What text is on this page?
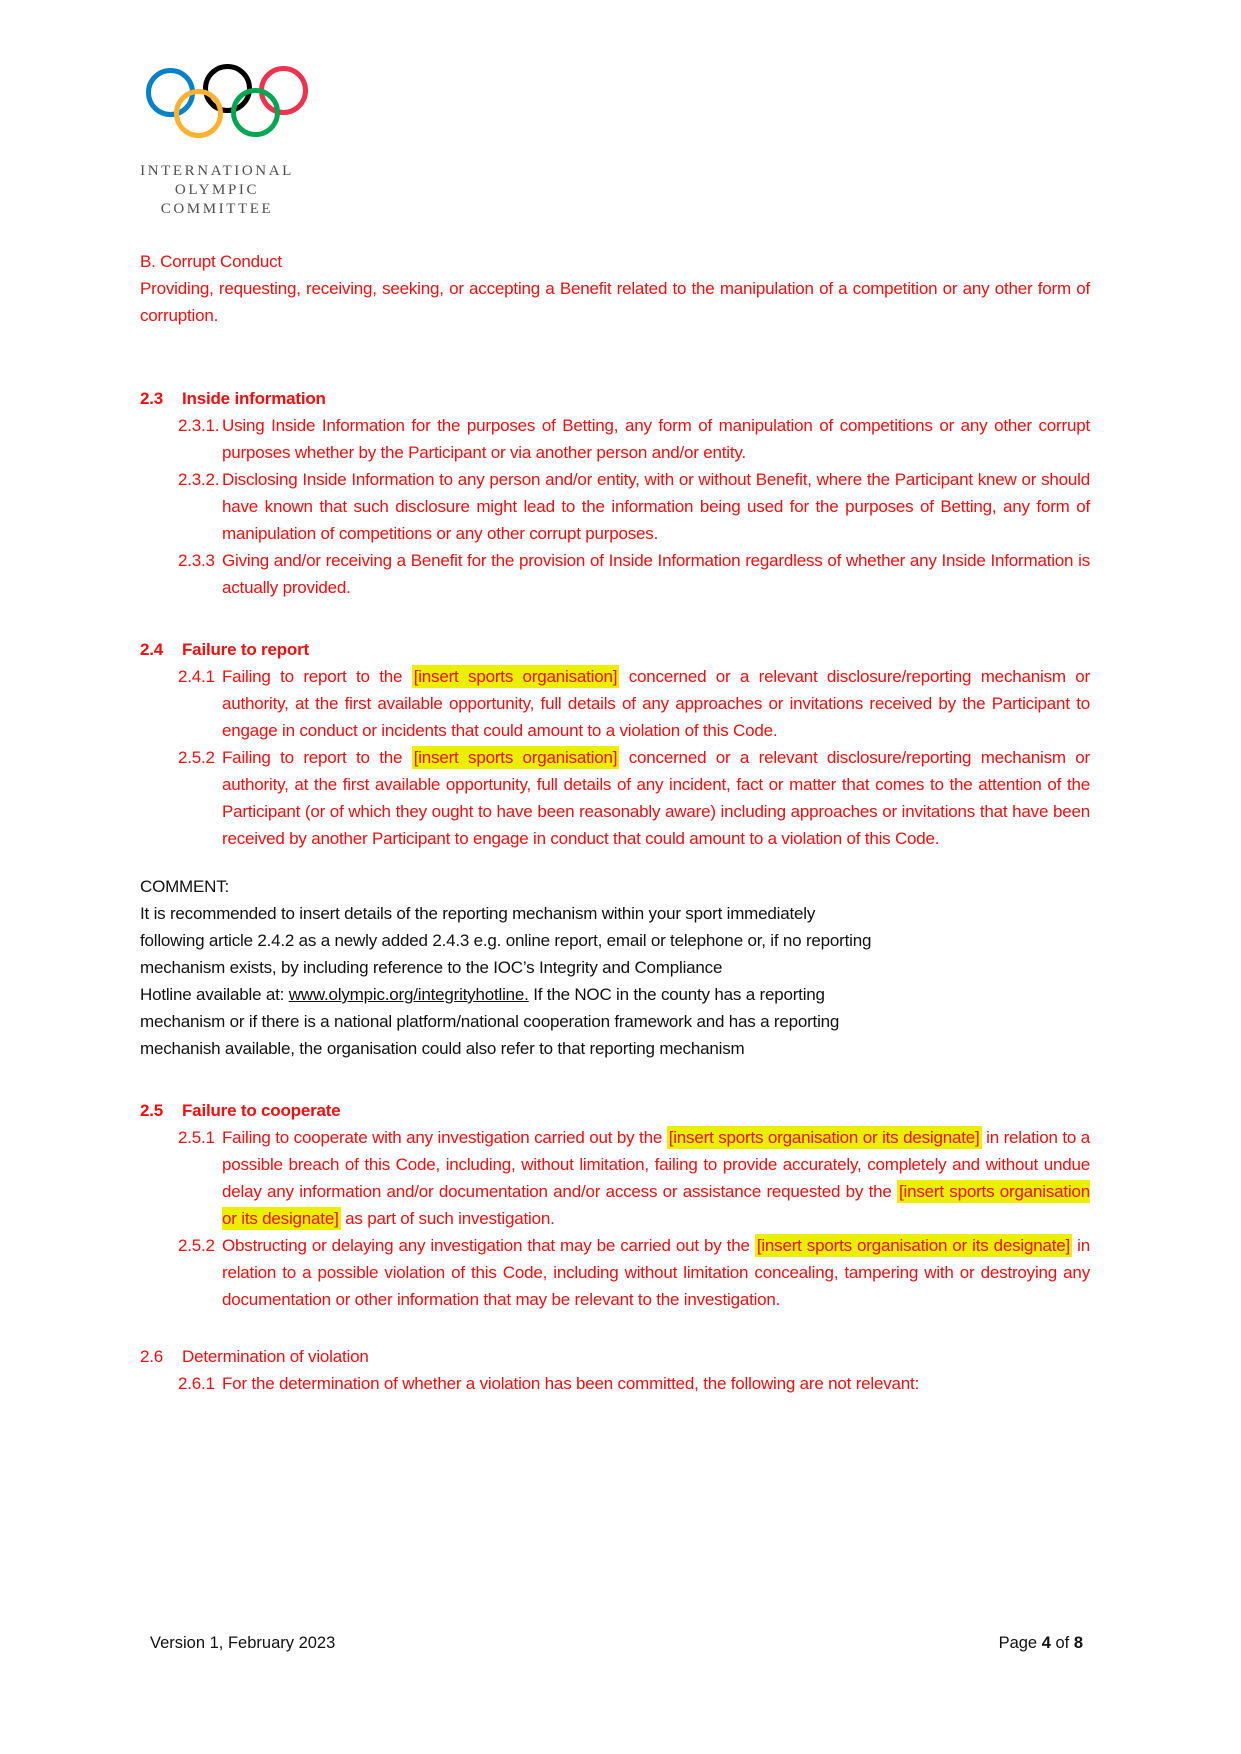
INTERNATIONAL
OLYMPIC
COMMITTEE
B. Corrupt Conduct
Providing, requesting, receiving, seeking, or accepting a Benefit related to the manipulation of a competition or any other form of corruption.
2.3 Inside information
2.3.1. Using Inside Information for the purposes of Betting, any form of manipulation of competitions or any other corrupt purposes whether by the Participant or via another person and/or entity.
2.3.2. Disclosing Inside Information to any person and/or entity, with or without Benefit, where the Participant knew or should have known that such disclosure might lead to the information being used for the purposes of Betting, any form of manipulation of competitions or any other corrupt purposes.
2.3.3 Giving and/or receiving a Benefit for the provision of Inside Information regardless of whether any Inside Information is actually provided.
2.4 Failure to report
2.4.1 Failing to report to the [insert sports organisation] concerned or a relevant disclosure/reporting mechanism or authority, at the first available opportunity, full details of any approaches or invitations received by the Participant to engage in conduct or incidents that could amount to a violation of this Code.
2.5.2 Failing to report to the [insert sports organisation] concerned or a relevant disclosure/reporting mechanism or authority, at the first available opportunity, full details of any incident, fact or matter that comes to the attention of the Participant (or of which they ought to have been reasonably aware) including approaches or invitations that have been received by another Participant to engage in conduct that could amount to a violation of this Code.
COMMENT:
It is recommended to insert details of the reporting mechanism within your sport immediately
following article 2.4.2 as a newly added 2.4.3 e.g. online report, email or telephone or, if no reporting
mechanism exists, by including reference to the IOC’s Integrity and Compliance
Hotline available at: www.olympic.org/integrityhotline. If the NOC in the county has a reporting
mechanism or if there is a national platform/national cooperation framework and has a reporting
mechanish available, the organisation could also refer to that reporting mechanism
2.5 Failure to cooperate
2.5.1 Failing to cooperate with any investigation carried out by the [insert sports organisation or its designate] in relation to a possible breach of this Code, including, without limitation, failing to provide accurately, completely and without undue delay any information and/or documentation and/or access or assistance requested by the [insert sports organisation or its designate] as part of such investigation.
2.5.2 Obstructing or delaying any investigation that may be carried out by the [insert sports organisation or its designate] in relation to a possible violation of this Code, including without limitation concealing, tampering with or destroying any documentation or other information that may be relevant to the investigation.
2.6 Determination of violation
2.6.1 For the determination of whether a violation has been committed, the following are not relevant:
Version 1, February 2023	Page 4 of 8
